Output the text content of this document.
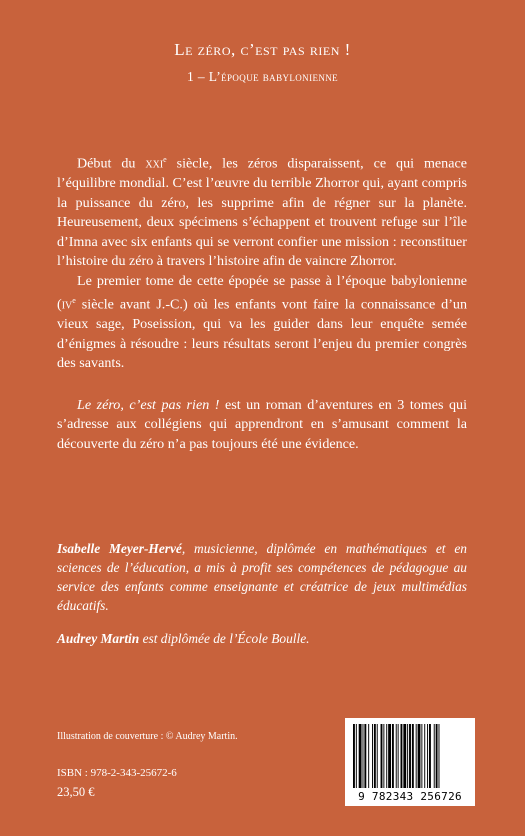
Le zéro, c’est pas rien !
1 – L’époque babylonienne

Début du xxi$^e$ siècle, les zéros disparaissent, ce qui menace l’équilibre mondial. C’est l’œuvre du terrible Zhorror qui, ayant compris la puissance du zéro, les supprime afin de régner sur la planète. Heureusement, deux spécimens s’échappent et trouvent refuge sur l’île d’Imna avec six enfants qui se verront confier une mission : reconstituer l’histoire du zéro à travers l’histoire afin de vaincre Zhorror.

Le premier tome de cette épopée se passe à l’époque babylonienne ($iv^e$ siècle avant J.-C.) où les enfants vont faire la connaissance d’un vieux sage, Poseission, qui va les guider dans leur enquête semée d’énigmes à résoudre : leurs résultats seront l’enjeu du premier congrès des savants.

Le zéro, c’est pas rien ! est un roman d’aventures en 3 tomes qui s’adresse aux collégiens qui apprendront en s’amusant comment la découverte du zéro n’a pas toujours été une évidence.

Isabelle Meyer-Hervé, musicienne, diplômée en mathématiques et en sciences de l’éducation, a mis à profit ses compétences de pédagogue au service des enfants comme enseignante et créatrice de jeux multimédias éducatifs.

Audrey Martin est diplômée de l’École Boulle.

Illustration de couverture : © Audrey Martin.
ISBN : 978-2-343-25672-6
23,50 €	9 782343 256726
